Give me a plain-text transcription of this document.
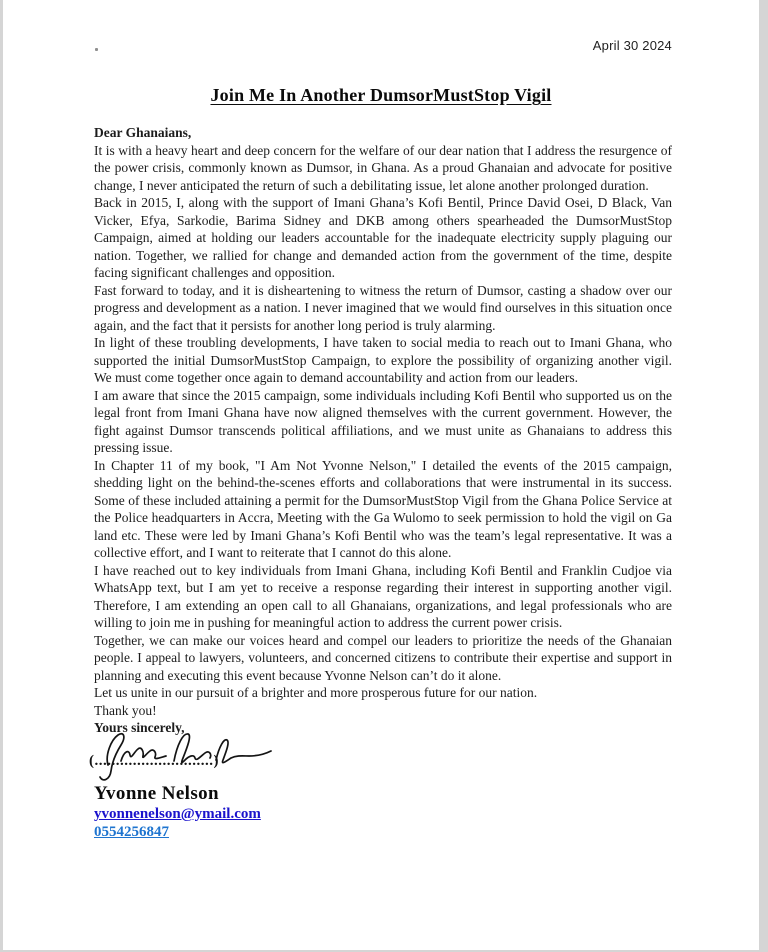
April 30 2024
Join Me In Another DumsorMustStop Vigil

Dear Ghanaians,

It is with a heavy heart and deep concern for the welfare of our dear nation that I address the resurgence of the power crisis, commonly known as Dumsor, in Ghana. As a proud Ghanaian and advocate for positive change, I never anticipated the return of such a debilitating issue, let alone another prolonged duration.

Back in 2015, I, along with the support of Imani Ghana’s Kofi Bentil, Prince David Osei, D Black, Van Vicker, Efya, Sarkodie, Barima Sidney and DKB among others spearheaded the DumsorMustStop Campaign, aimed at holding our leaders accountable for the inadequate electricity supply plaguing our nation. Together, we rallied for change and demanded action from the government of the time, despite facing significant challenges and opposition.

Fast forward to today, and it is disheartening to witness the return of Dumsor, casting a shadow over our progress and development as a nation. I never imagined that we would find ourselves in this situation once again, and the fact that it persists for another long period is truly alarming.

In light of these troubling developments, I have taken to social media to reach out to Imani Ghana, who supported the initial DumsorMustStop Campaign, to explore the possibility of organizing another vigil. We must come together once again to demand accountability and action from our leaders.

I am aware that since the 2015 campaign, some individuals including Kofi Bentil who supported us on the legal front from Imani Ghana have now aligned themselves with the current government. However, the fight against Dumsor transcends political affiliations, and we must unite as Ghanaians to address this pressing issue.

In Chapter 11 of my book, "I Am Not Yvonne Nelson," I detailed the events of the 2015 campaign, shedding light on the behind-the-scenes efforts and collaborations that were instrumental in its success. Some of these included attaining a permit for the DumsorMustStop Vigil from the Ghana Police Service at the Police headquarters in Accra, Meeting with the Ga Wulomo to seek permission to hold the vigil on Ga land etc. These were led by Imani Ghana’s Kofi Bentil who was the team’s legal representative. It was a collective effort, and I want to reiterate that I cannot do this alone.

I have reached out to key individuals from Imani Ghana, including Kofi Bentil and Franklin Cudjoe via WhatsApp text, but I am yet to receive a response regarding their interest in supporting another vigil. Therefore, I am extending an open call to all Ghanaians, organizations, and legal professionals who are willing to join me in pushing for meaningful action to address the current power crisis.

Together, we can make our voices heard and compel our leaders to prioritize the needs of the Ghanaian people. I appeal to lawyers, volunteers, and concerned citizens to contribute their expertise and support in planning and executing this event because Yvonne Nelson can’t do it alone.

Let us unite in our pursuit of a brighter and more prosperous future for our nation.

Thank you!

Yours sincerely,

(............................)
Yvonne Nelson
yvonnenelson@ymail.com
0554256847
